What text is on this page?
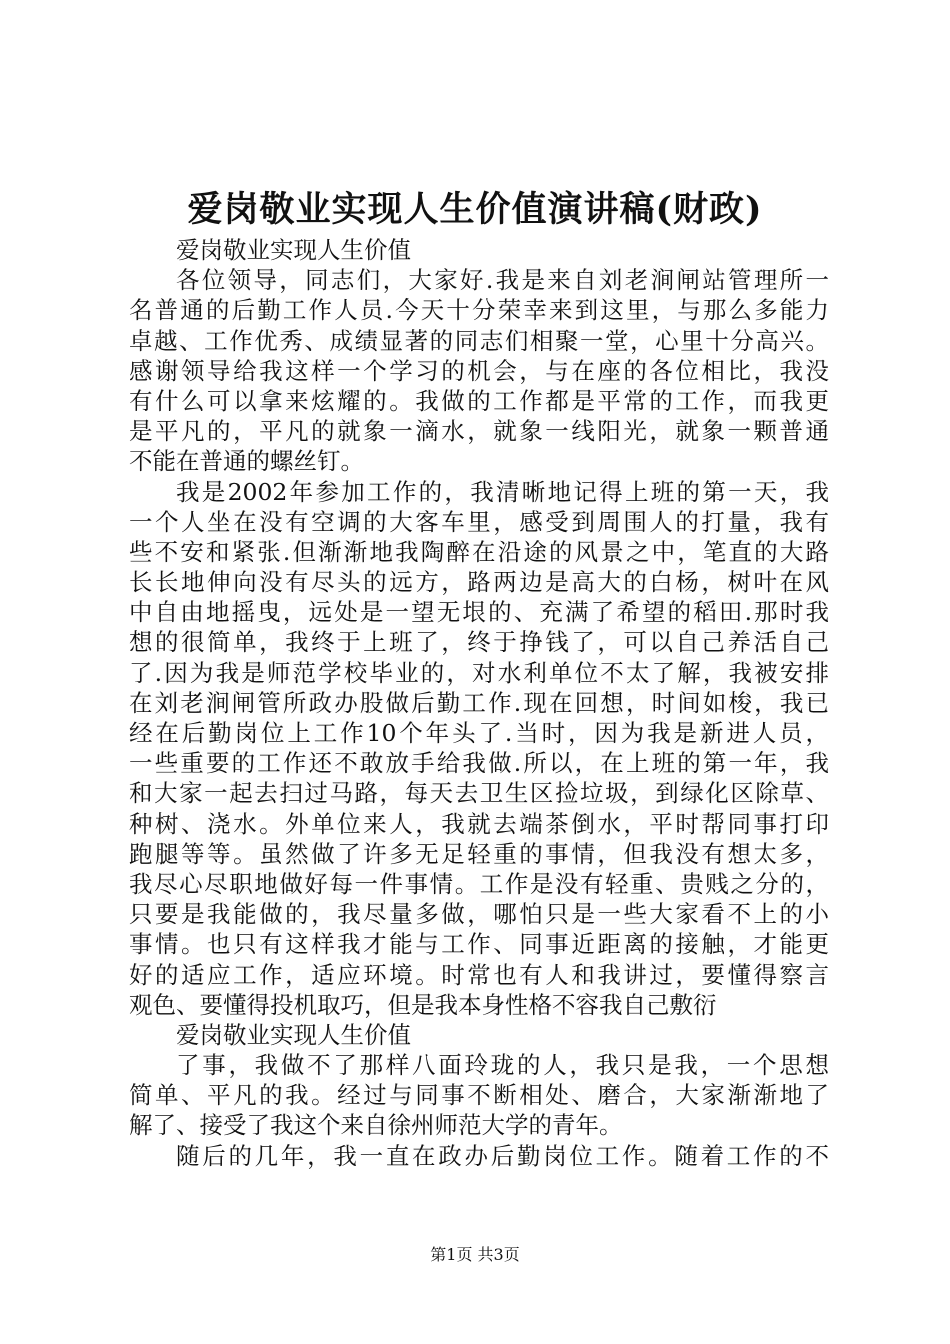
爱岗敬业实现人生价值演讲稿(财政)
爱岗敬业实现人生价值
各位领导，同志们，大家好.我是来自刘老涧闸站管理所一
名普通的后勤工作人员.今天十分荣幸来到这里，与那么多能力
卓越、工作优秀、成绩显著的同志们相聚一堂，心里十分高兴。
感谢领导给我这样一个学习的机会，与在座的各位相比，我没
有什么可以拿来炫耀的。我做的工作都是平常的工作，而我更
是平凡的，平凡的就象一滴水，就象一线阳光，就象一颗普通
不能在普通的螺丝钉。
我是2002年参加工作的，我清晰地记得上班的第一天，我
一个人坐在没有空调的大客车里，感受到周围人的打量，我有
些不安和紧张.但渐渐地我陶醉在沿途的风景之中，笔直的大路
长长地伸向没有尽头的远方，路两边是高大的白杨，树叶在风
中自由地摇曳，远处是一望无垠的、充满了希望的稻田.那时我
想的很简单，我终于上班了，终于挣钱了，可以自己养活自己
了.因为我是师范学校毕业的，对水利单位不太了解，我被安排
在刘老涧闸管所政办股做后勤工作.现在回想，时间如梭，我已
经在后勤岗位上工作10个年头了.当时，因为我是新进人员，
一些重要的工作还不敢放手给我做.所以，在上班的第一年，我
和大家一起去扫过马路，每天去卫生区捡垃圾，到绿化区除草、
种树、浇水。外单位来人，我就去端茶倒水，平时帮同事打印
跑腿等等。虽然做了许多无足轻重的事情，但我没有想太多，
我尽心尽职地做好每一件事情。工作是没有轻重、贵贱之分的，
只要是我能做的，我尽量多做，哪怕只是一些大家看不上的小
事情。也只有这样我才能与工作、同事近距离的接触，才能更
好的适应工作，适应环境。时常也有人和我讲过，要懂得察言
观色、要懂得投机取巧，但是我本身性格不容我自己敷衍
爱岗敬业实现人生价值
了事，我做不了那样八面玲珑的人，我只是我，一个思想
简单、平凡的我。经过与同事不断相处、磨合，大家渐渐地了
解了、接受了我这个来自徐州师范大学的青年。
随后的几年，我一直在政办后勤岗位工作。随着工作的不
第1页 共3页
